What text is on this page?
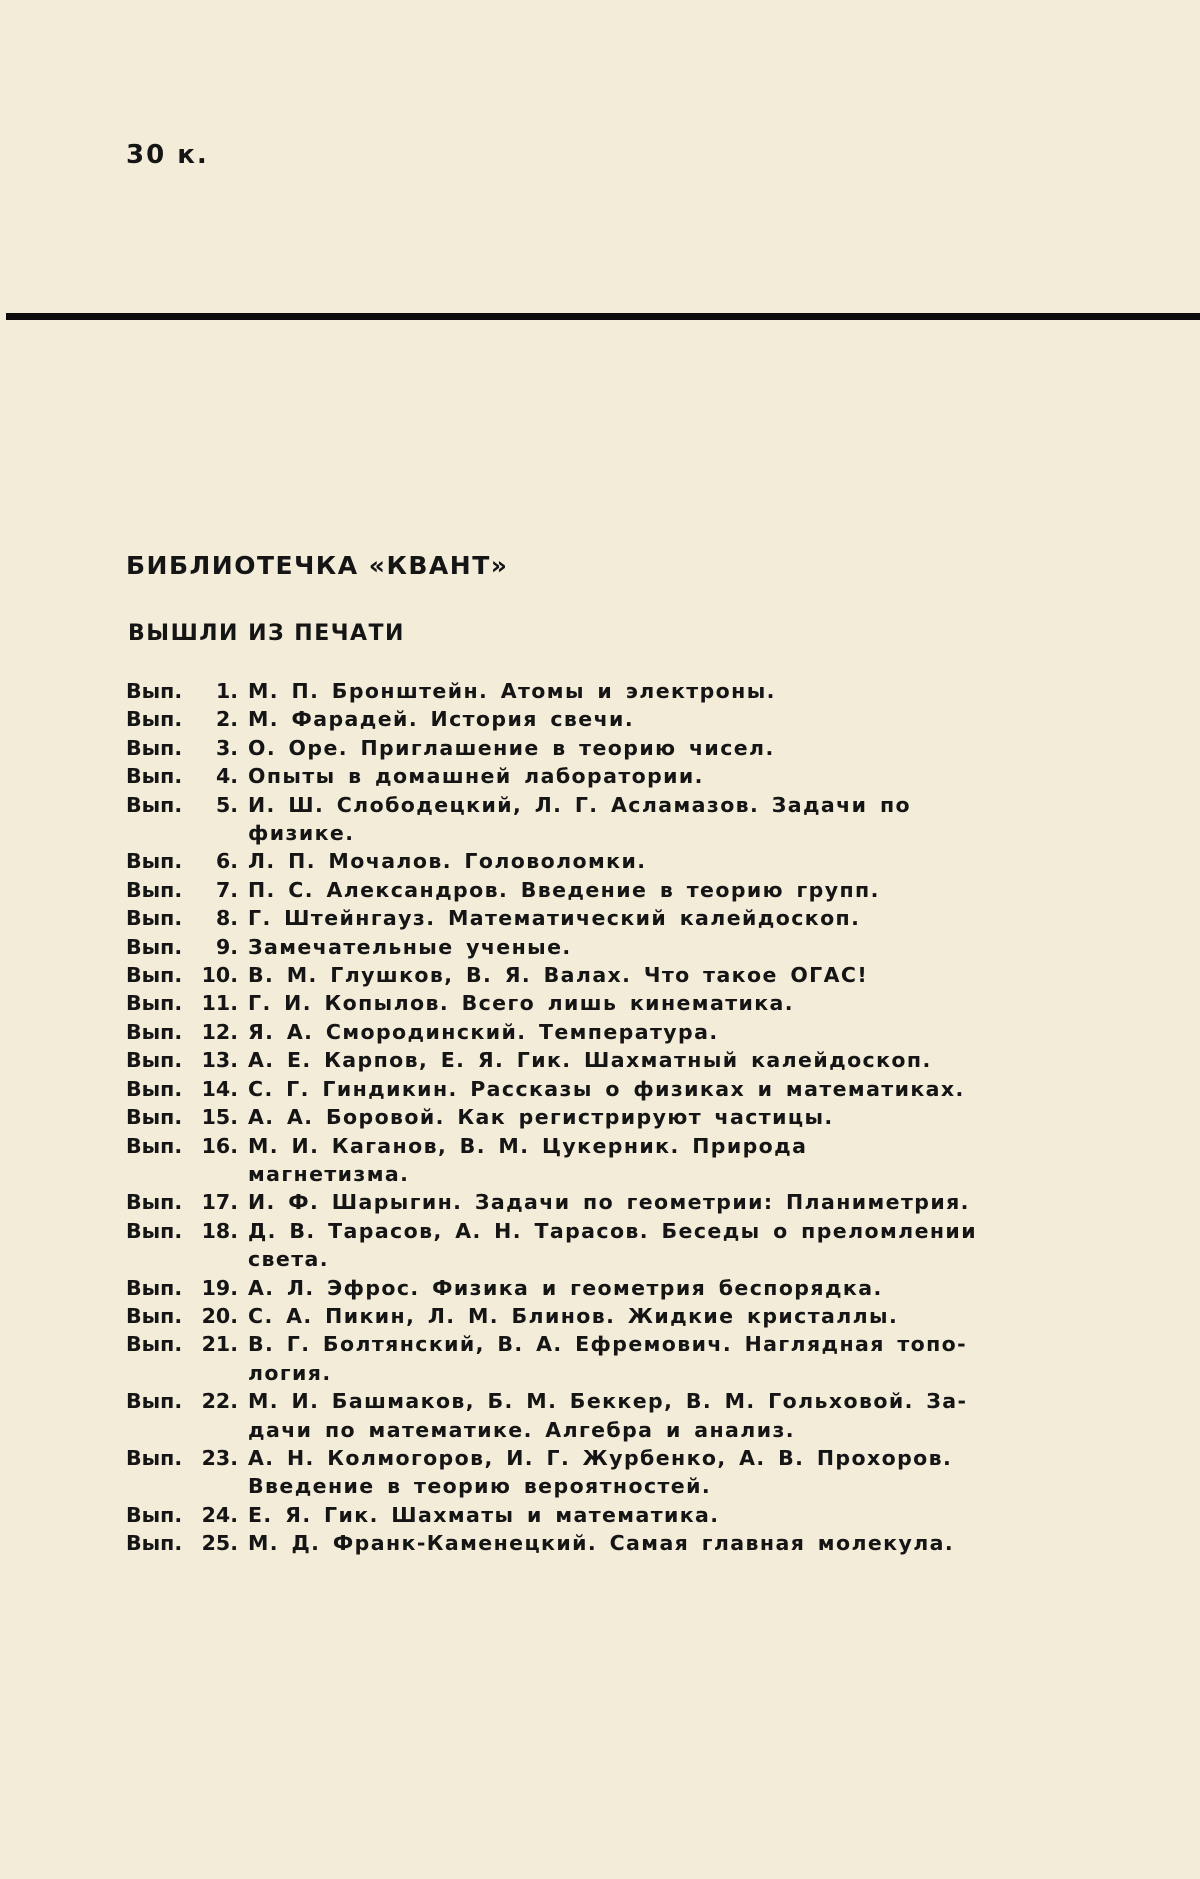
30 к.
БИБЛИОТЕЧКА «КВАНТ»
ВЫШЛИ ИЗ ПЕЧАТИ
Вып.	1. М. П. Бронштейн. Атомы и электроны.
Вып.	2. М. Фарадей. История свечи.
Вып.	3. О. Оре. Приглашение в теорию чисел.
Вып.	4. Опыты в домашней лаборатории.
Вып.	5. И. Ш. Слободецкий, Л. Г. Асламазов. Задачи по физике.
Вып.	6. Л. П. Мочалов. Головоломки.
Вып.	7. П. С. Александров. Введение в теорию групп.
Вып.	8. Г. Штейнгауз. Математический калейдоскоп.
Вып.	9. Замечательные ученые.
Вып. 10. В. М. Глушков, В. Я. Валах. Что такое ОГАС!
Вып. 11. Г. И. Копылов. Всего лишь кинематика.
Вып. 12. Я. А. Смородинский. Температура.
Вып. 13. А. Е. Карпов, Е. Я. Гик. Шахматный калейдоскоп.
Вып. 14. С. Г. Гиндикин. Рассказы о физиках и математиках.
Вып. 15. А. А. Боровой. Как регистрируют частицы.
Вып. 16. М. И. Каганов, В. М. Цукерник. Природа магнетизма.
Вып. 17. И. Ф. Шарыгин. Задачи по геометрии: Планиметрия.
Вып. 18. Д. В. Тарасов, А. Н. Тарасов. Беседы о преломлении
света.
Вып. 19. А. Л. Эфрос. Физика и геометрия беспорядка.
Вып. 20. С. А. Пикин, Л. М. Блинов. Жидкие кристаллы.
Вып. 21. В. Г. Болтянский, В. А. Ефремович. Наглядная топо-
логия.
Вып. 22. М. И. Башмаков, Б. М. Беккер, В. М. Гольховой. За-
дачи по математике. Алгебра и анализ.
Вып. 23. А. Н. Колмогоров, И. Г. Журбенко, А. В. Прохоров.
Введение в теорию вероятностей.
Вып. 24. Е. Я. Гик. Шахматы и математика.
Вып. 25. М. Д. Франк-Каменецкий. Самая главная молекула.
